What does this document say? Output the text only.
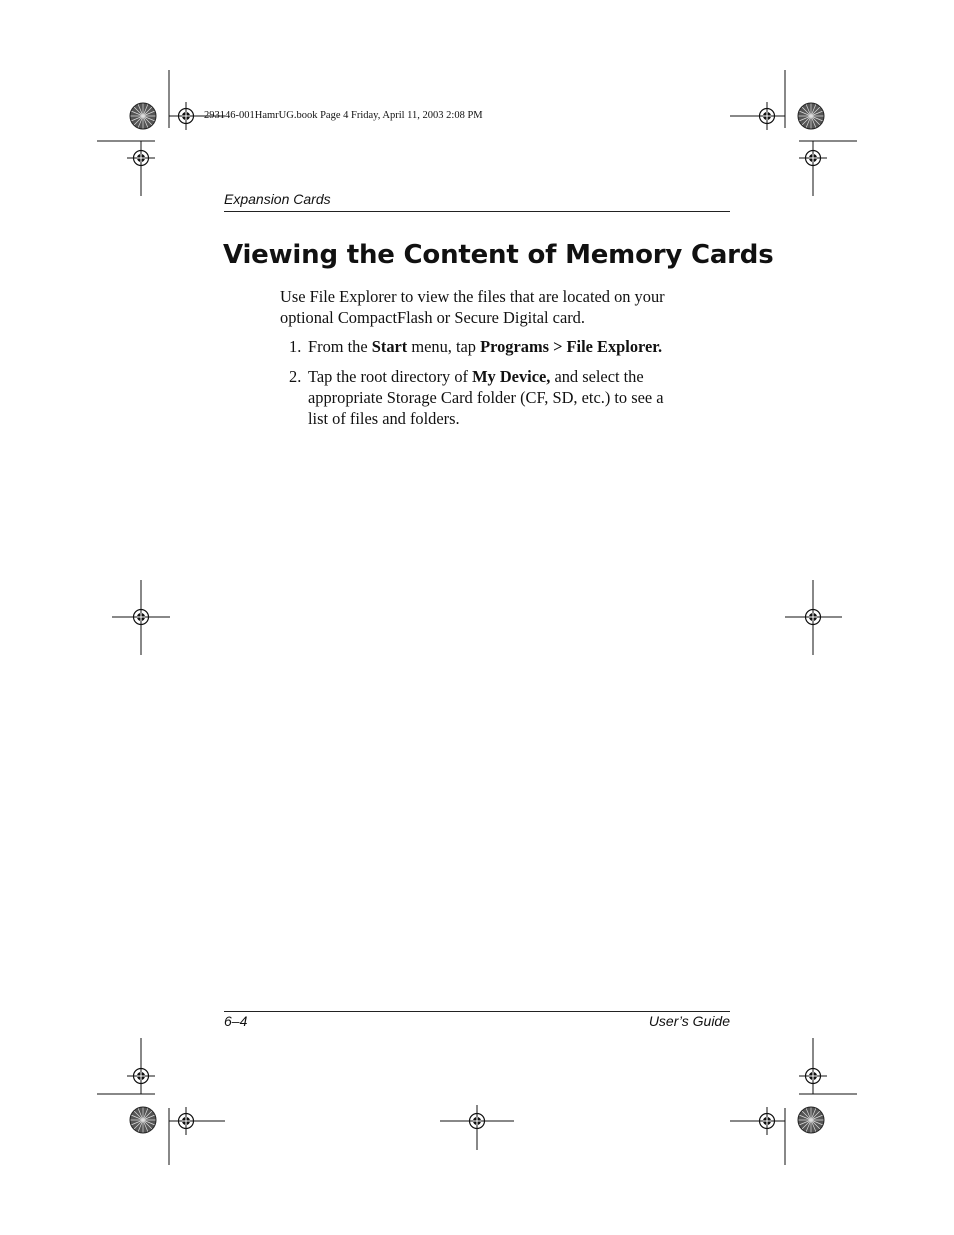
293146-001HamrUG.book Page 4 Friday, April 11, 2003 2:08 PM
Expansion Cards
Viewing the Content of Memory Cards

Use File Explorer to view the files that are located on your optional CompactFlash or Secure Digital card.

1. From the Start menu, tap Programs > File Explorer.
2. Tap the root directory of My Device, and select the
appropriate Storage Card folder (CF, SD, etc.) to see a
list of files and folders.
6–4	User’s Guide
